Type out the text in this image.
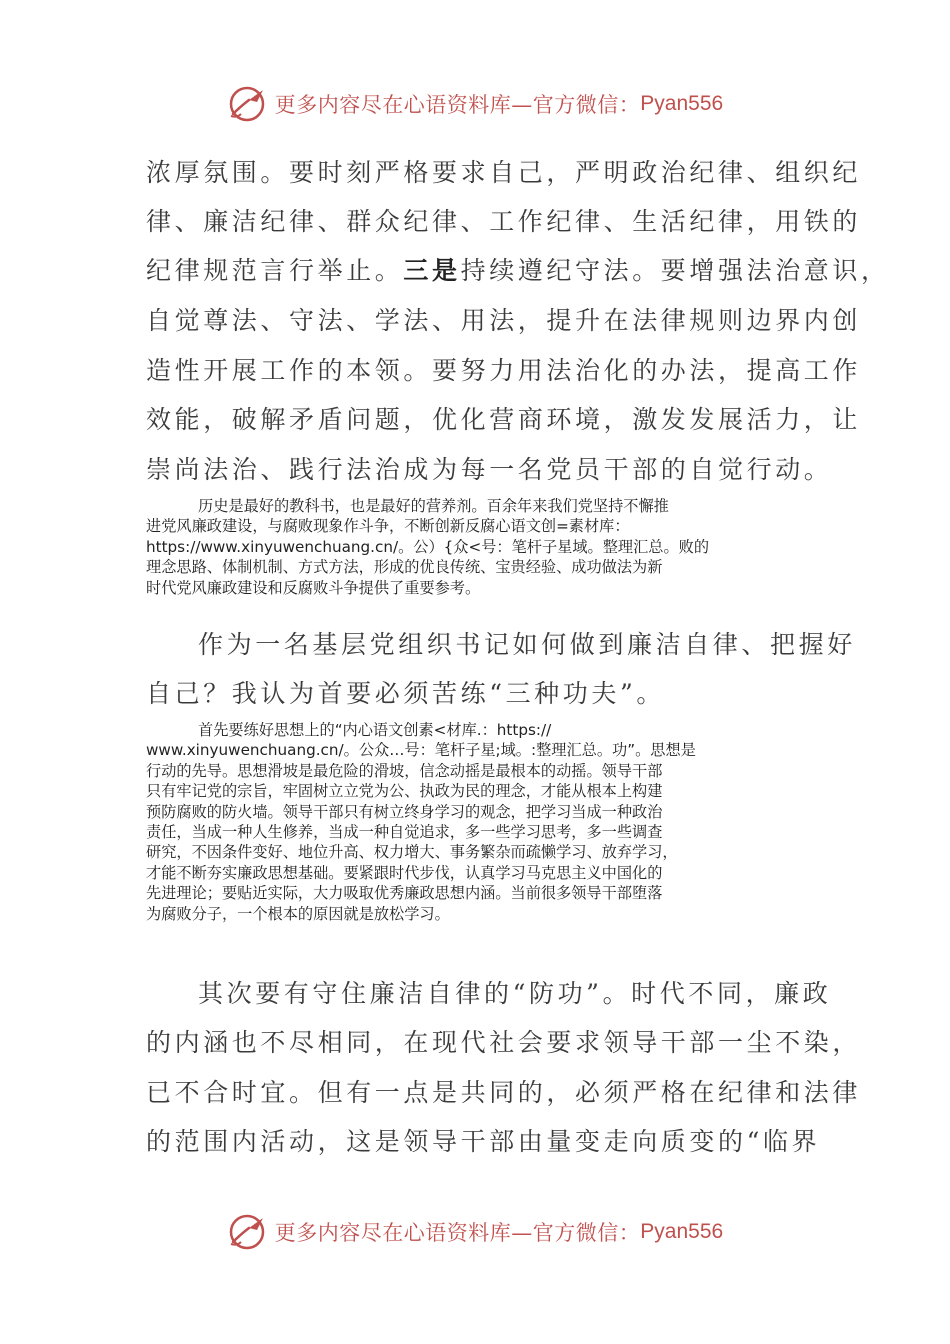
更多内容尽在心语资料库—官方微信： Pyan556
浓厚氛围。要时刻严格要求自己，严明政治纪律、组织纪
律、廉洁纪律、群众纪律、工作纪律、生活纪律，用铁的
纪律规范言行举止。三是持续遵纪守法。要增强法治意识，
自觉尊法、守法、学法、用法，提升在法律规则边界内创
造性开展工作的本领。要努力用法治化的办法，提高工作
效能，破解矛盾问题，优化营商环境，激发发展活力，让
崇尚法治、践行法治成为每一名党员干部的自觉行动。

历史是最好的教科书，也是最好的营养剂。百余年来我们党坚持不懈推

进党风廉政建设，与腐败现象作斗争，不断创新反腐心语文创=素材库：

https://www.xinyuwenchuang.cn/。公）{众<号：笔杆子星域。整理汇总。败的

理念思路、体制机制、方式方法，形成的优良传统、宝贵经验、成功做法为新

时代党风廉政建设和反腐败斗争提供了重要参考。

作为一名基层党组织书记如何做到廉洁自律、把握好
自己？我认为首要必须苦练“三种功夫”。

首先要练好思想上的“内心语文创素<材库.：https://

www.xinyuwenchuang.cn/。公众…号：笔杆子星;域。:整理汇总。功”。思想是

行动的先导。思想滑坡是最危险的滑坡，信念动摇是最根本的动摇。领导干部

只有牢记党的宗旨，牢固树立立党为公、执政为民的理念，才能从根本上构建

预防腐败的防火墙。领导干部只有树立终身学习的观念，把学习当成一种政治

责任，当成一种人生修养，当成一种自觉追求，多一些学习思考，多一些调查

研究，不因条件变好、地位升高、权力增大、事务繁杂而疏懒学习、放弃学习，

才能不断夯实廉政思想基础。要紧跟时代步伐，认真学习马克思主义中国化的

先进理论；要贴近实际，大力吸取优秀廉政思想内涵。当前很多领导干部堕落

为腐败分子，一个根本的原因就是放松学习。

其次要有守住廉洁自律的“防功”。时代不同，廉政
的内涵也不尽相同，在现代社会要求领导干部一尘不染，
已不合时宜。但有一点是共同的，必须严格在纪律和法律
的范围内活动，这是领导干部由量变走向质变的“临界
更多内容尽在心语资料库—官方微信： Pyan556
